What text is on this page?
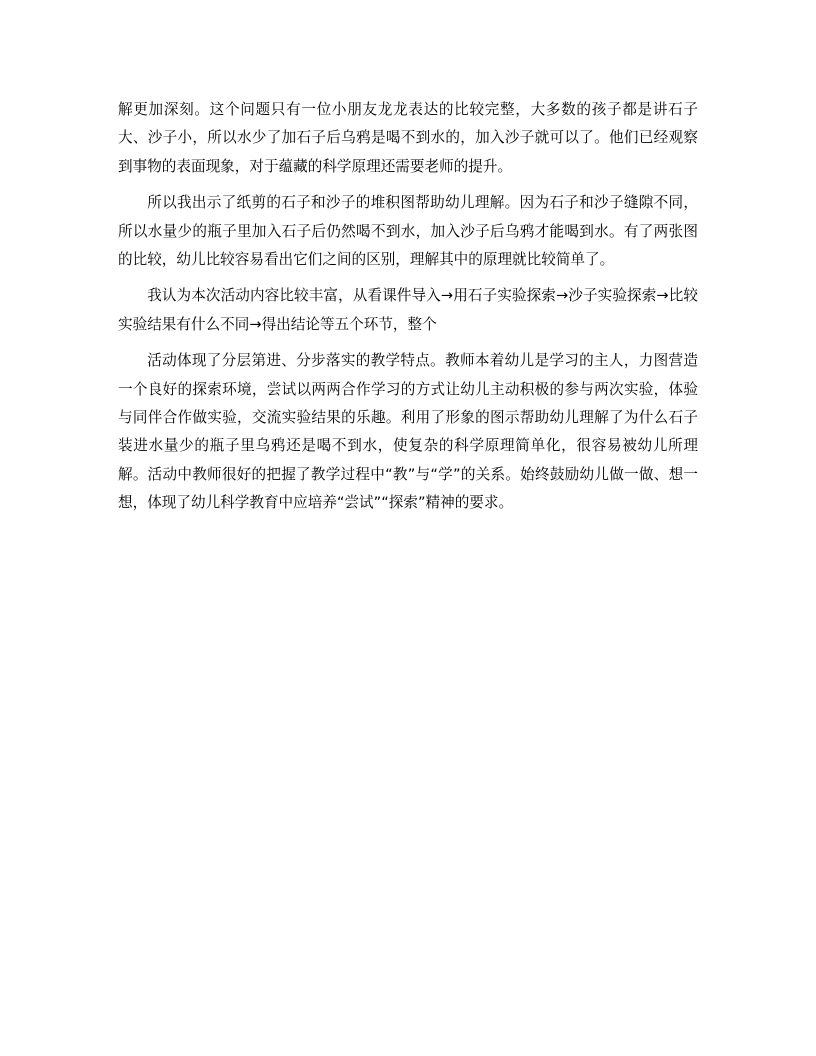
解更加深刻。这个问题只有一位小朋友龙龙表达的比较完整，大多数的孩子都是讲石子大、沙子小，所以水少了加石子后乌鸦是喝不到水的，加入沙子就可以了。他们已经观察到事物的表面现象，对于蕴藏的科学原理还需要老师的提升。

所以我出示了纸剪的石子和沙子的堆积图帮助幼儿理解。因为石子和沙子缝隙不同，所以水量少的瓶子里加入石子后仍然喝不到水，加入沙子后乌鸦才能喝到水。有了两张图的比较，幼儿比较容易看出它们之间的区别，理解其中的原理就比较简单了。

我认为本次活动内容比较丰富，从看课件导入→用石子实验探索→沙子实验探索→比较实验结果有什么不同→得出结论等五个环节，整个

活动体现了分层第进、分步落实的教学特点。教师本着幼儿是学习的主人，力图营造一个良好的探索环境，尝试以两两合作学习的方式让幼儿主动积极的参与两次实验，体验与同伴合作做实验，交流实验结果的乐趣。利用了形象的图示帮助幼儿理解了为什么石子装进水量少的瓶子里乌鸦还是喝不到水，使复杂的科学原理简单化，很容易被幼儿所理解。活动中教师很好的把握了教学过程中“教”与“学”的关系。始终鼓励幼儿做一做、想一想，体现了幼儿科学教育中应培养“尝试”“探索”精神的要求。
